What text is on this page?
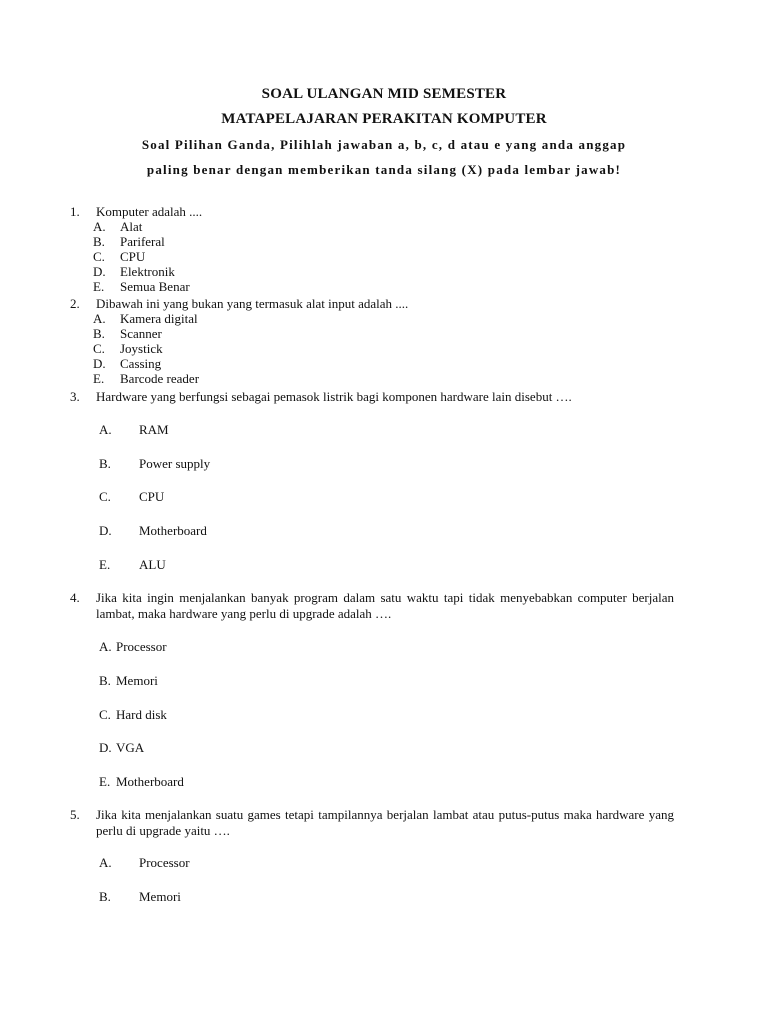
SOAL ULANGAN MID SEMESTER
MATAPELAJARAN PERAKITAN KOMPUTER
Soal Pilihan Ganda, Pilihlah jawaban a, b, c, d atau e yang anda anggap
paling benar dengan memberikan tanda silang (X) pada lembar jawab!
1. Komputer adalah ....
A. Alat
B. Pariferal
C. CPU
D. Elektronik
E. Semua Benar
2. Dibawah ini yang bukan yang termasuk alat input adalah ....
A. Kamera digital
B. Scanner
C. Joystick
D. Cassing
E. Barcode reader
3. Hardware yang berfungsi sebagai pemasok listrik bagi komponen hardware lain disebut ….
A. RAM
B. Power supply
C. CPU
D. Motherboard
E. ALU
4. Jika kita ingin menjalankan banyak program dalam satu waktu tapi tidak menyebabkan computer berjalan lambat, maka hardware yang perlu di upgrade adalah ….
A. Processor
B. Memori
C. Hard disk
D. VGA
E. Motherboard
5. Jika kita menjalankan suatu games tetapi tampilannya berjalan lambat atau putus-putus maka hardware yang perlu di upgrade yaitu ….
A. Processor
B. Memori
